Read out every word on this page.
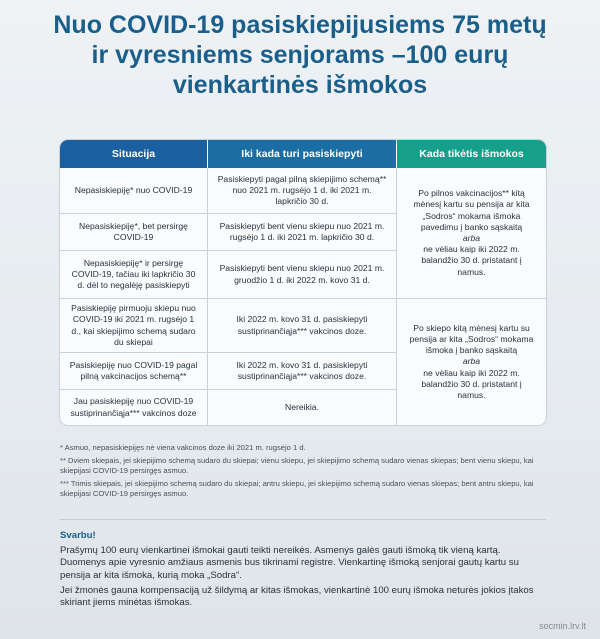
Nuo COVID-19 pasiskiepijusiems 75 metų
ir vyresniems senjorams –100 eurų
vienkartinės išmokos
Situacija	Iki kada turi pasiskiepyti	Kada tikėtis išmokos
Nepasiskiepiję* nuo COVID-19
Nepasiskiepiję*, bet persirgę COVID-19
Nepasiskiepiję* ir persirgę COVID-19, tačiau iki lapkričio 30 d. dėl to negalėję pasiskiepyti
Pasiskiepiję pirmuoju skiepu nuo COVID-19 iki 2021 m. rugsėjo 1 d., kai skiepijimo schemą sudaro du skiepai
Pasiskiepiję nuo COVID-19 pagal pilną vakcinacijos schemą**
Jau pasiskiepiję nuo COVID-19 sustiprinančiąja*** vakcinos doze
Pasiskiepyti pagal pilną skiepijimo schemą** nuo 2021 m. rugsėjo 1 d. iki 2021 m. lapkričio 30 d.
Pasiskiepyti bent vienu skiepu nuo 2021 m. rugsėjo 1 d. iki 2021 m. lapkričio 30 d.
Pasiskiepyti bent vienu skiepu nuo 2021 m. gruodžio 1 d. iki 2022 m. kovo 31 d.
Iki 2022 m. kovo 31 d. pasiskiepyti sustiprinančiąja*** vakcinos doze.
Iki 2022 m. kovo 31 d. pasiskiepyti sustiprinančiąja*** vakcinos doze.
Nereikia.
Po pilnos vakcinacijos** kitą mėnesį kartu su pensija ar kita „Sodros“ mokama išmoka pavedimu į banko sąskaitą
arba
ne vėliau kaip iki 2022 m. balandžio 30 d. pristatant į namus.
Po skiepo kitą mėnesį kartu su pensija ar kita „Sodros“ mokama išmoka į banko sąskaitą
arba
ne vėliau kaip iki 2022 m. balandžio 30 d. pristatant į namus.

* Asmuo, nepasiskiepijęs nė viena vakcinos doze iki 2021 m. rugsėjo 1 d.

** Dviem skiepais, jei skiepijimo schemą sudaro du skiepai; vienu skiepu, jei skiepijimo schemą sudaro vienas skiepas; bent vienu skiepu, kai skiepijasi COVID-19 persirgęs asmuo.

*** Trimis skiepais, jei skiepijimo schemą sudaro du skiepai; antru skiepu, jei skiepijimo schemą sudaro vienas skiepas; bent antru skiepu, kai skiepijasi COVID-19 persirgęs asmuo.

Svarbu!

Prašymų 100 eurų vienkartinei išmokai gauti teikti nereikės. Asmenys galės gauti išmoką tik vieną kartą. Duomenys apie vyresnio amžiaus asmenis bus tikrinami registre. Vienkartinę išmoką senjorai gautų kartu su pensija ar kita išmoka, kurią moka „Sodra“.

Jei žmonės gauna kompensaciją už šildymą ar kitas išmokas, vienkartinė 100 eurų išmoka neturės jokios įtakos skiriant jiems minėtas išmokas.

socmin.lrv.lt
